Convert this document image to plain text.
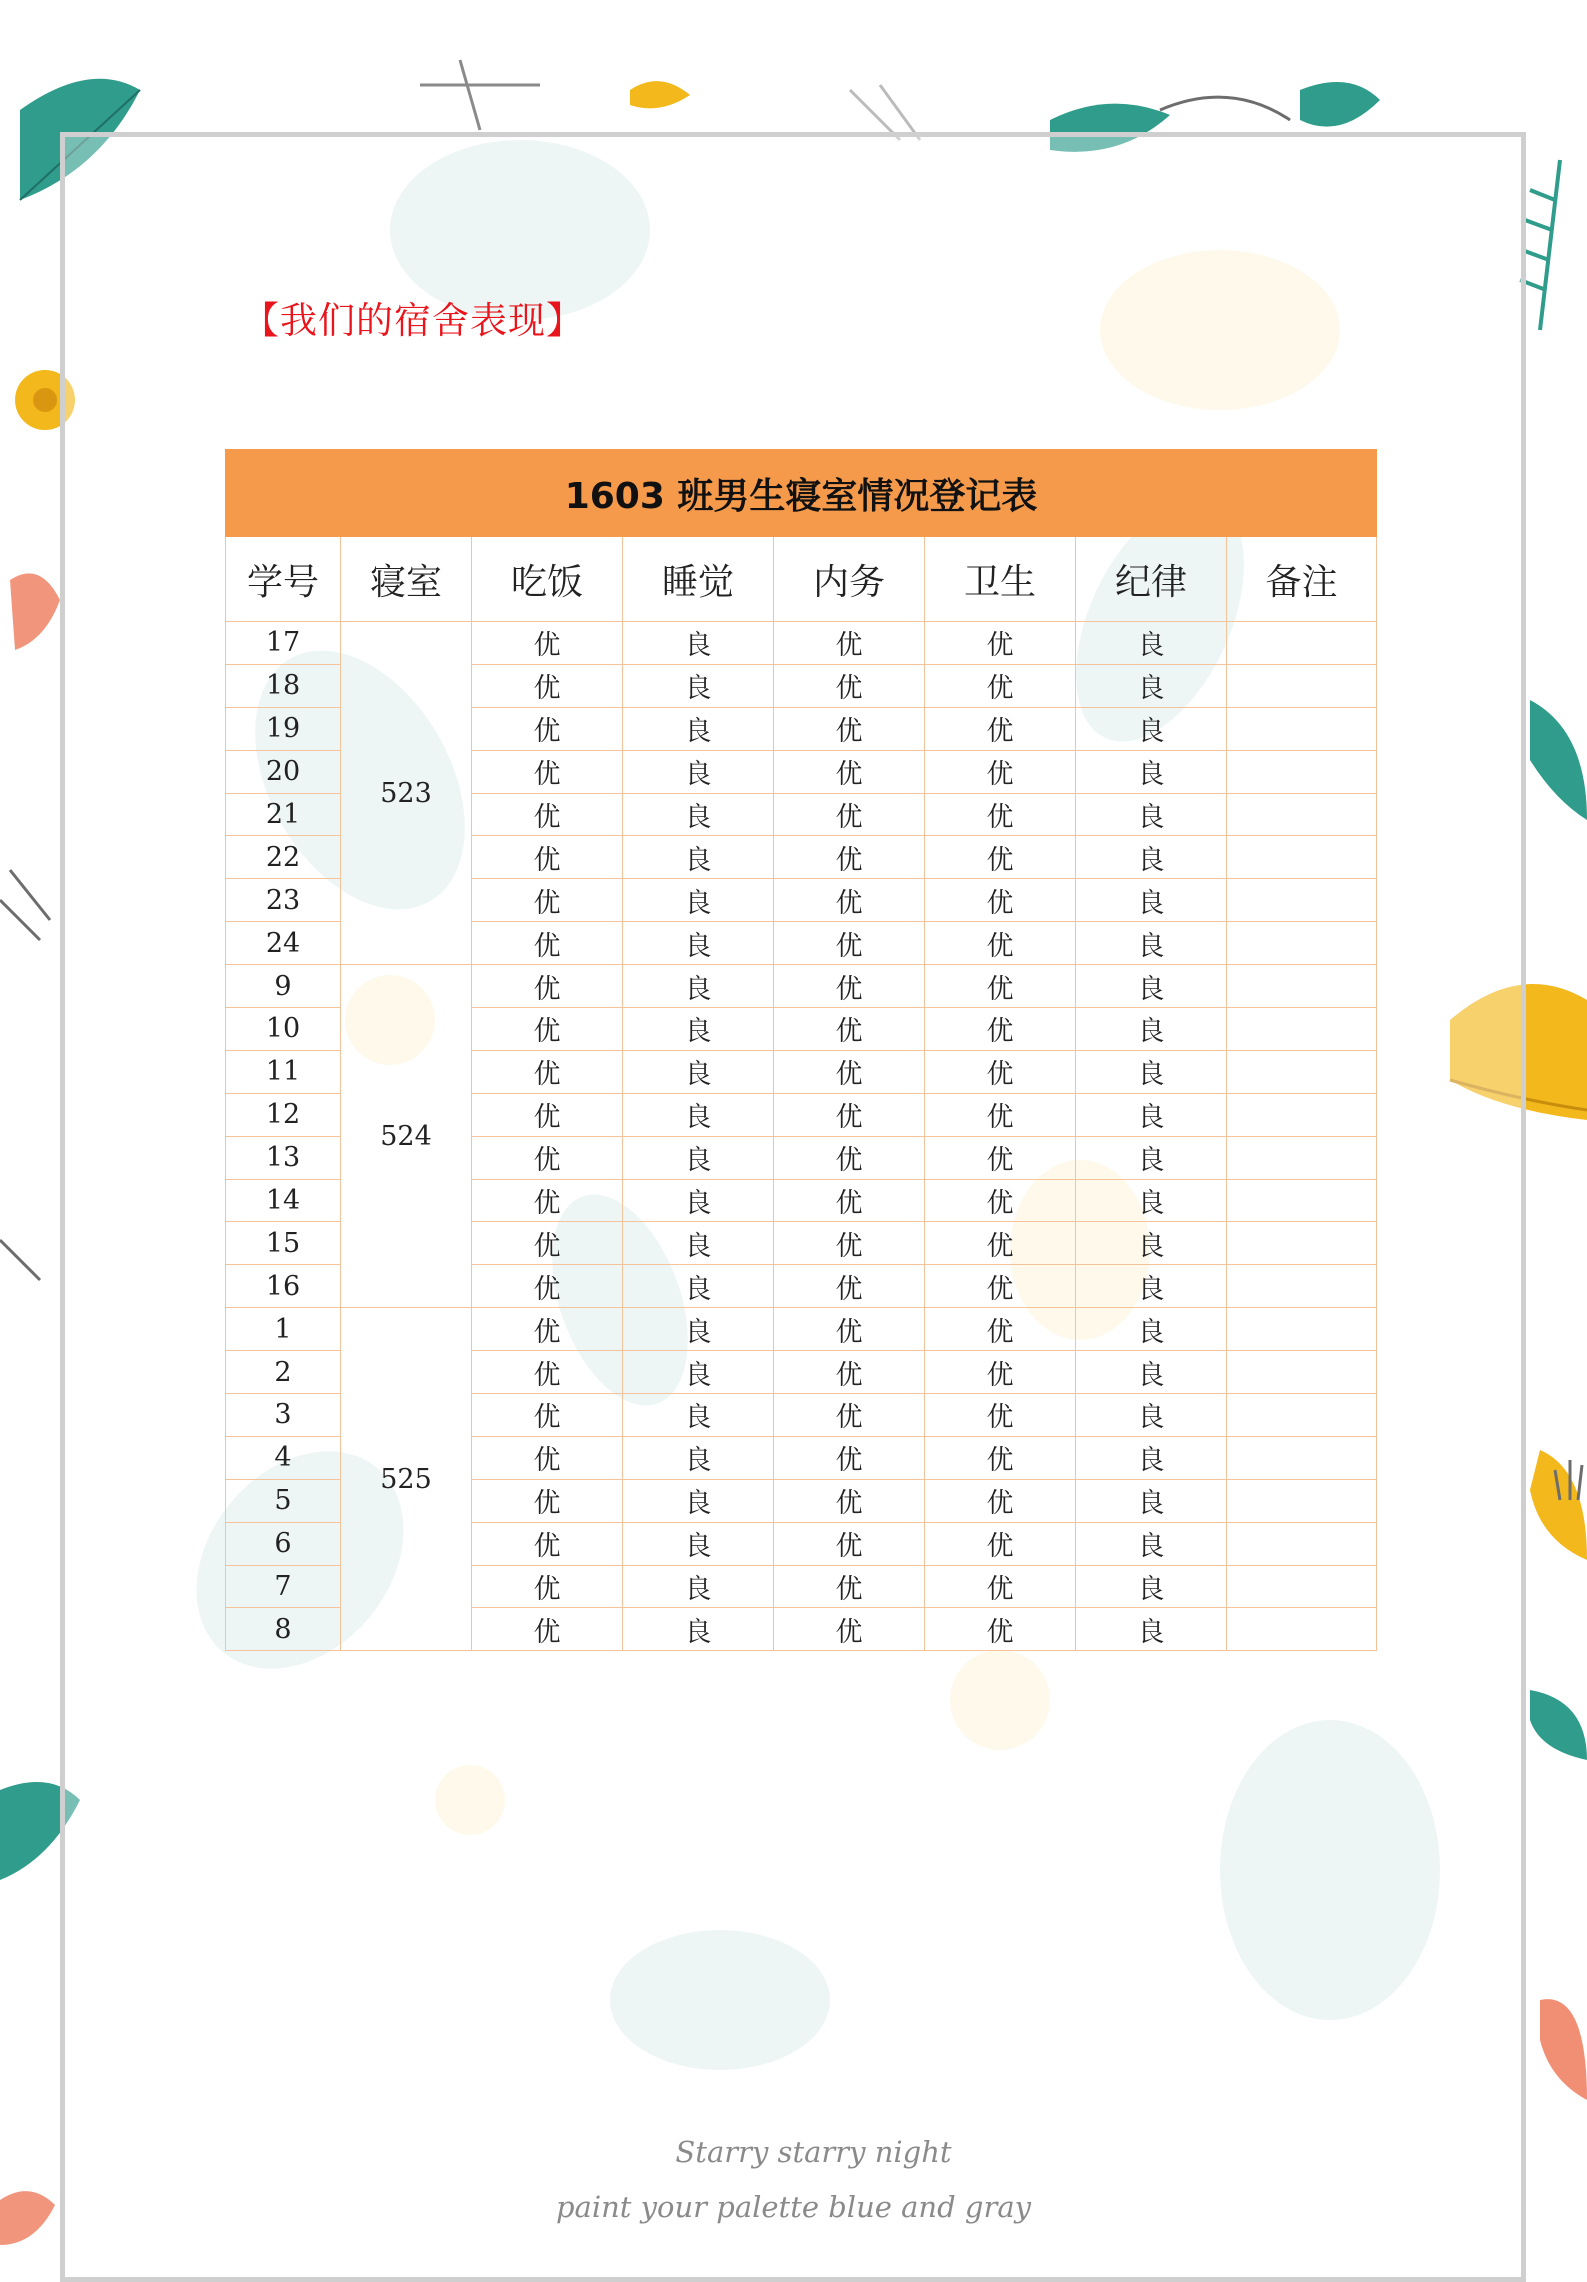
【我们的宿舍表现】
1603 班男生寝室情况登记表							
学号	寝室	吃饭	睡觉	内务	卫生	纪律	备注
17	523	优	良	优	优	良	
18		优	良	优	优	良	
19		优	良	优	优	良	
20		优	良	优	优	良	
21		优	良	优	优	良	
22		优	良	优	优	良	
23		优	良	优	优	良	
24		优	良	优	优	良	
9	524	优	良	优	优	良	
10		优	良	优	优	良	
11		优	良	优	优	良	
12		优	良	优	优	良	
13		优	良	优	优	良	
14		优	良	优	优	良	
15		优	良	优	优	良	
16		优	良	优	优	良	
1	525	优	良	优	优	良	
2		优	良	优	优	良	
3		优	良	优	优	良	
4		优	良	优	优	良	
5		优	良	优	优	良	
6		优	良	优	优	良	
7		优	良	优	优	良	
8		优	良	优	优	良	
Starry starry night
paint your palette blue and gray
